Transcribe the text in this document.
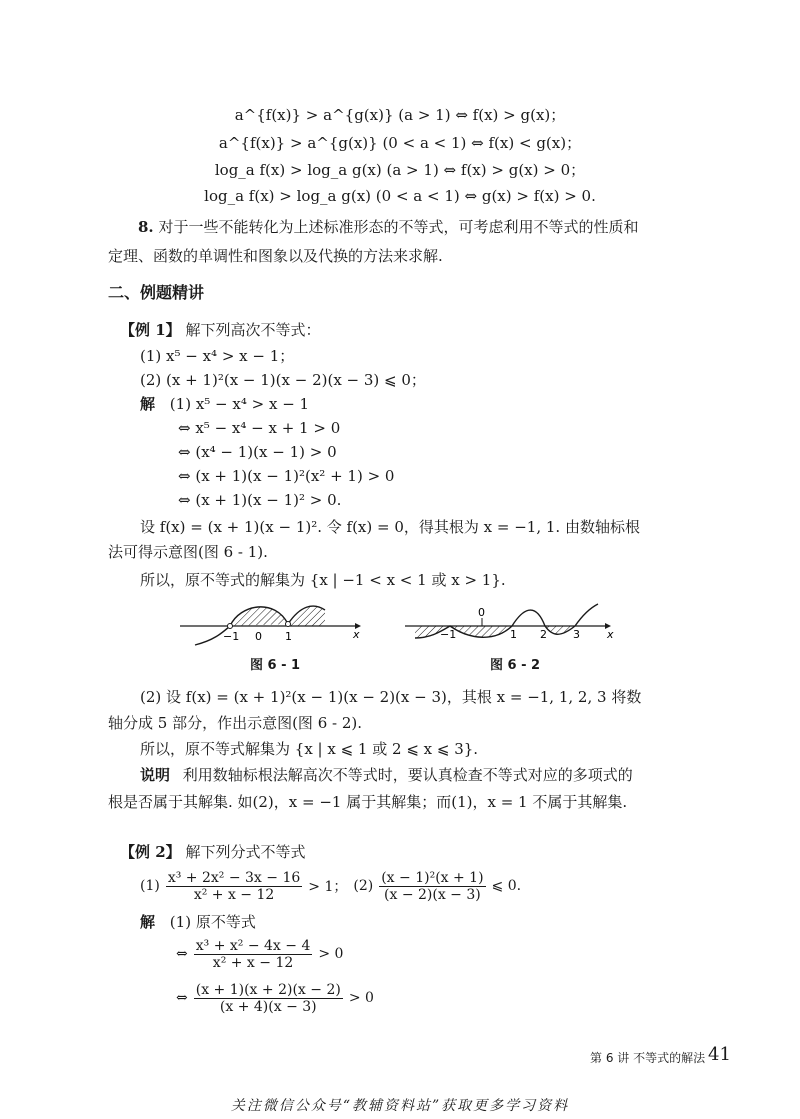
a^{f(x)} > a^{g(x)} (a > 1) ⇔ f(x) > g(x)；
a^{f(x)} > a^{g(x)} (0 < a < 1) ⇔ f(x) < g(x)；
log_a f(x) > log_a g(x) (a > 1) ⇔ f(x) > g(x) > 0；
log_a f(x) > log_a g(x) (0 < a < 1) ⇔ g(x) > f(x) > 0.
8. 对于一些不能转化为上述标准形态的不等式，可考虑利用不等式的性质和
定理、函数的单调性和图象以及代换的方法来求解.
二、例题精讲
【例 1】 解下列高次不等式：
(1) x⁵ − x⁴ > x − 1；
(2) (x + 1)²(x − 1)(x − 2)(x − 3) ⩽ 0；
解 (1) x⁵ − x⁴ > x − 1
⇔ x⁵ − x⁴ − x + 1 > 0
⇔ (x⁴ − 1)(x − 1) > 0
⇔ (x + 1)(x − 1)²(x² + 1) > 0
⇔ (x + 1)(x − 1)² > 0.
设 f(x) = (x + 1)(x − 1)². 令 f(x) = 0，得其根为 x = −1, 1. 由数轴标根
法可得示意图(图 6 - 1).
所以，原不等式的解集为 {x | −1 < x < 1 或 x > 1}.
−1 0 1	x
图 6 - 1
0
−1	1 2 3 x
图 6 - 2
(2) 设 f(x) = (x + 1)²(x − 1)(x − 2)(x − 3)，其根 x = −1, 1, 2, 3 将数
轴分成 5 部分，作出示意图(图 6 - 2).
所以，原不等式解集为 {x | x ⩽ 1 或 2 ⩽ x ⩽ 3}.
说明 利用数轴标根法解高次不等式时，要认真检查不等式对应的多项式的
根是否属于其解集. 如(2)，x = −1 属于其解集；而(1)，x = 1 不属于其解集.
【例 2】 解下列分式不等式
$(1) \frac{\text{x³ + 2x² − 3x − 16}}{\text{x² + x − 12}} > 1$； $(2) \frac{\text{(x − 1)²(x + 1)}}{(x - 2)(x - 3)}$ ⩽ 0.
解 (1) 原不等式
⇔ $\frac{\text{x³ + x² − 4x − 4}}{\text{x² + x − 12}} > 0$
⇔ $\frac{(x + 1)(x + 2)(x - 2)}{(x + 4)(x - 3)} > 0$
第 6 讲 不等式的解法 41
关注微信公众号“教辅资料站”获取更多学习资料
